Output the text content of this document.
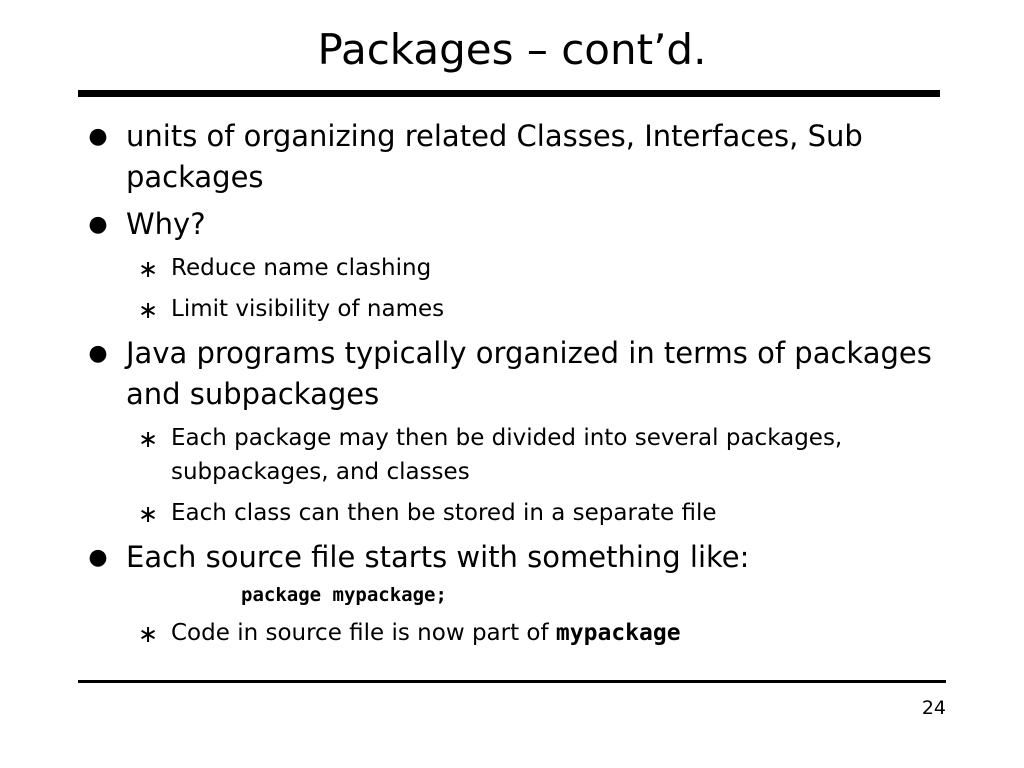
Packages – cont’d.
● units of organizing related Classes, Interfaces, Sub packages
● Why?
∗ Reduce name clashing
∗ Limit visibility of names
● Java programs typically organized in terms of packages and subpackages
∗ Each package may then be divided into several packages, subpackages, and classes
∗ Each class can then be stored in a separate file
● Each source file starts with something like:
package mypackage;
∗ Code in source file is now part of mypackage
24
